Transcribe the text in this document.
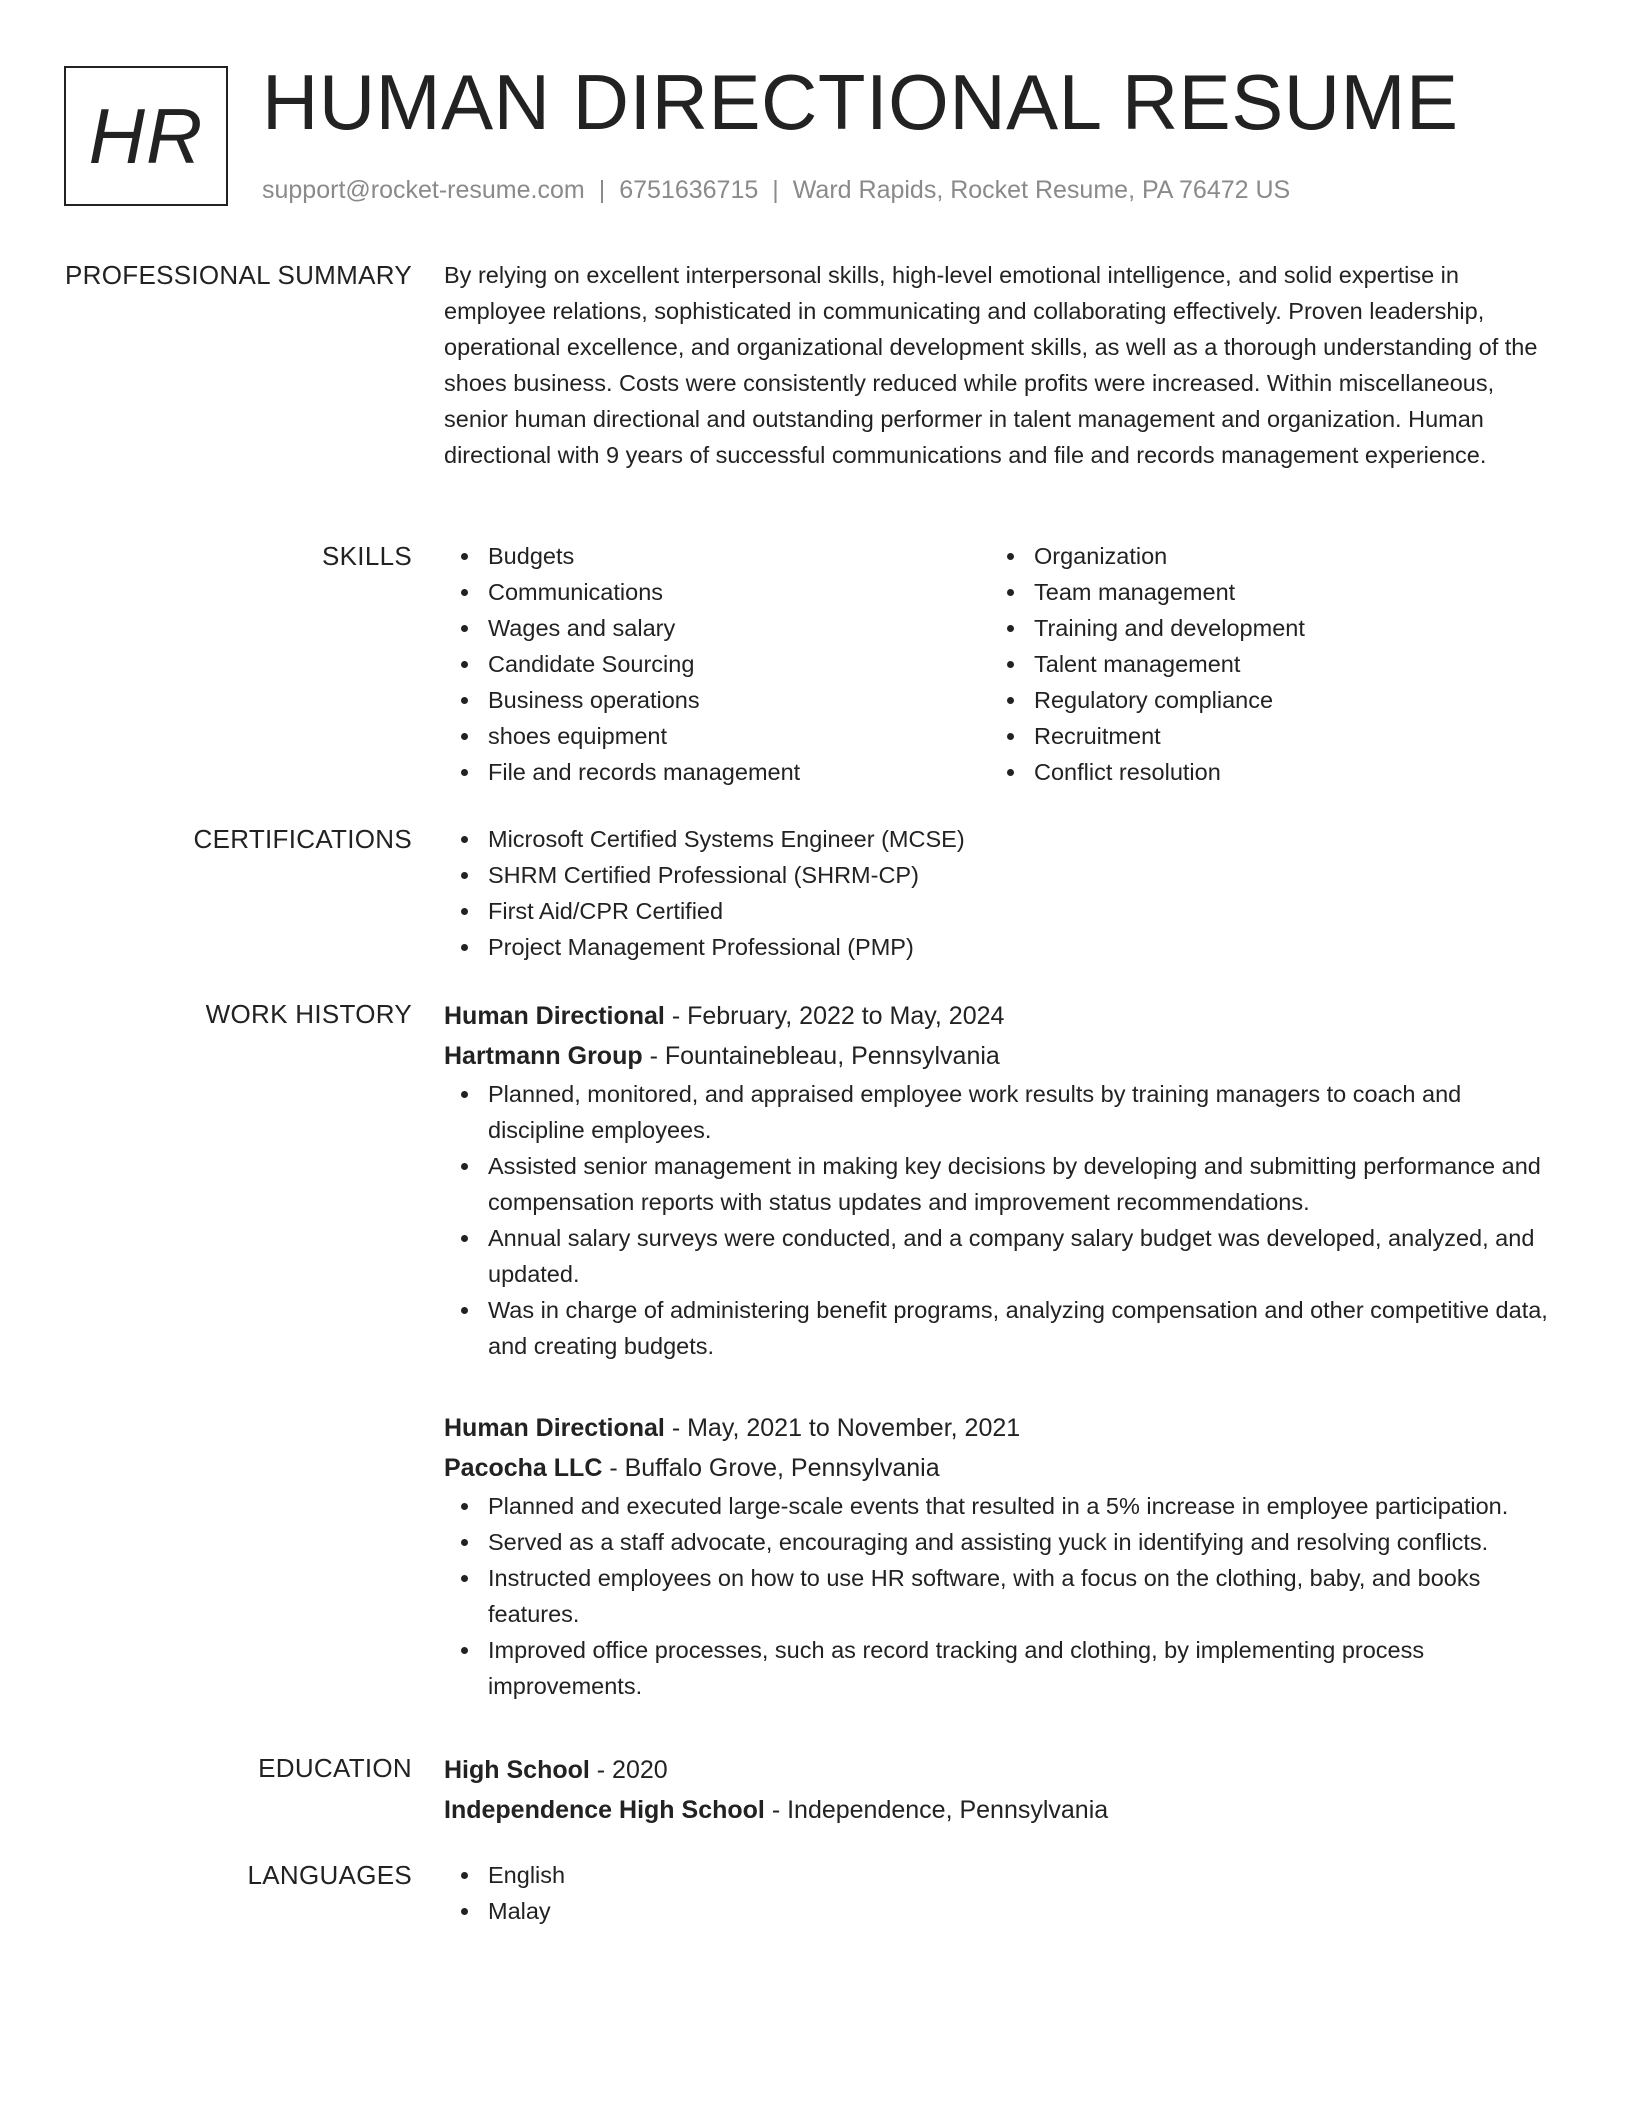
HR HUMAN DIRECTIONAL RESUME
support@rocket-resume.com | 6751636715 | Ward Rapids, Rocket Resume, PA 76472 US
PROFESSIONAL SUMMARY By relying on excellent interpersonal skills, high-level emotional intelligence, and solid expertise in employee relations, sophisticated in communicating and collaborating effectively. Proven leadership, operational excellence, and organizational development skills, as well as a thorough understanding of the shoes business. Costs were consistently reduced while profits were increased. Within miscellaneous, senior human directional and outstanding performer in talent management and organization. Human directional with 9 years of successful communications and file and records management experience.

SKILLS	Budgets
Communications
Wages and salary
Candidate Sourcing
Business operations
shoes equipment
File and records management
Organization
Team management
Training and development
Talent management
Regulatory compliance
Recruitment
Conflict resolution
CERTIFICATIONS	Microsoft Certified Systems Engineer (MCSE)
SHRM Certified Professional (SHRM-CP)
First Aid/CPR Certified
Project Management Professional (PMP)
WORK HISTORY Human Directional - February, 2022 to May, 2024
Hartmann Group - Fountainebleau, Pennsylvania
Planned, monitored, and appraised employee work results by training managers to coach and discipline employees.
Assisted senior management in making key decisions by developing and submitting performance and compensation reports with status updates and improvement recommendations.
Annual salary surveys were conducted, and a company salary budget was developed, analyzed, and updated.
Was in charge of administering benefit programs, analyzing compensation and other competitive data, and creating budgets.
Human Directional - May, 2021 to November, 2021
Pacocha LLC - Buffalo Grove, Pennsylvania
Planned and executed large-scale events that resulted in a 5% increase in employee participation.
Served as a staff advocate, encouraging and assisting yuck in identifying and resolving conflicts.
Instructed employees on how to use HR software, with a focus on the clothing, baby, and books features.
Improved office processes, such as record tracking and clothing, by implementing process improvements.
EDUCATION High School - 2020
Independence High School - Independence, Pennsylvania
LANGUAGES	English
Malay
